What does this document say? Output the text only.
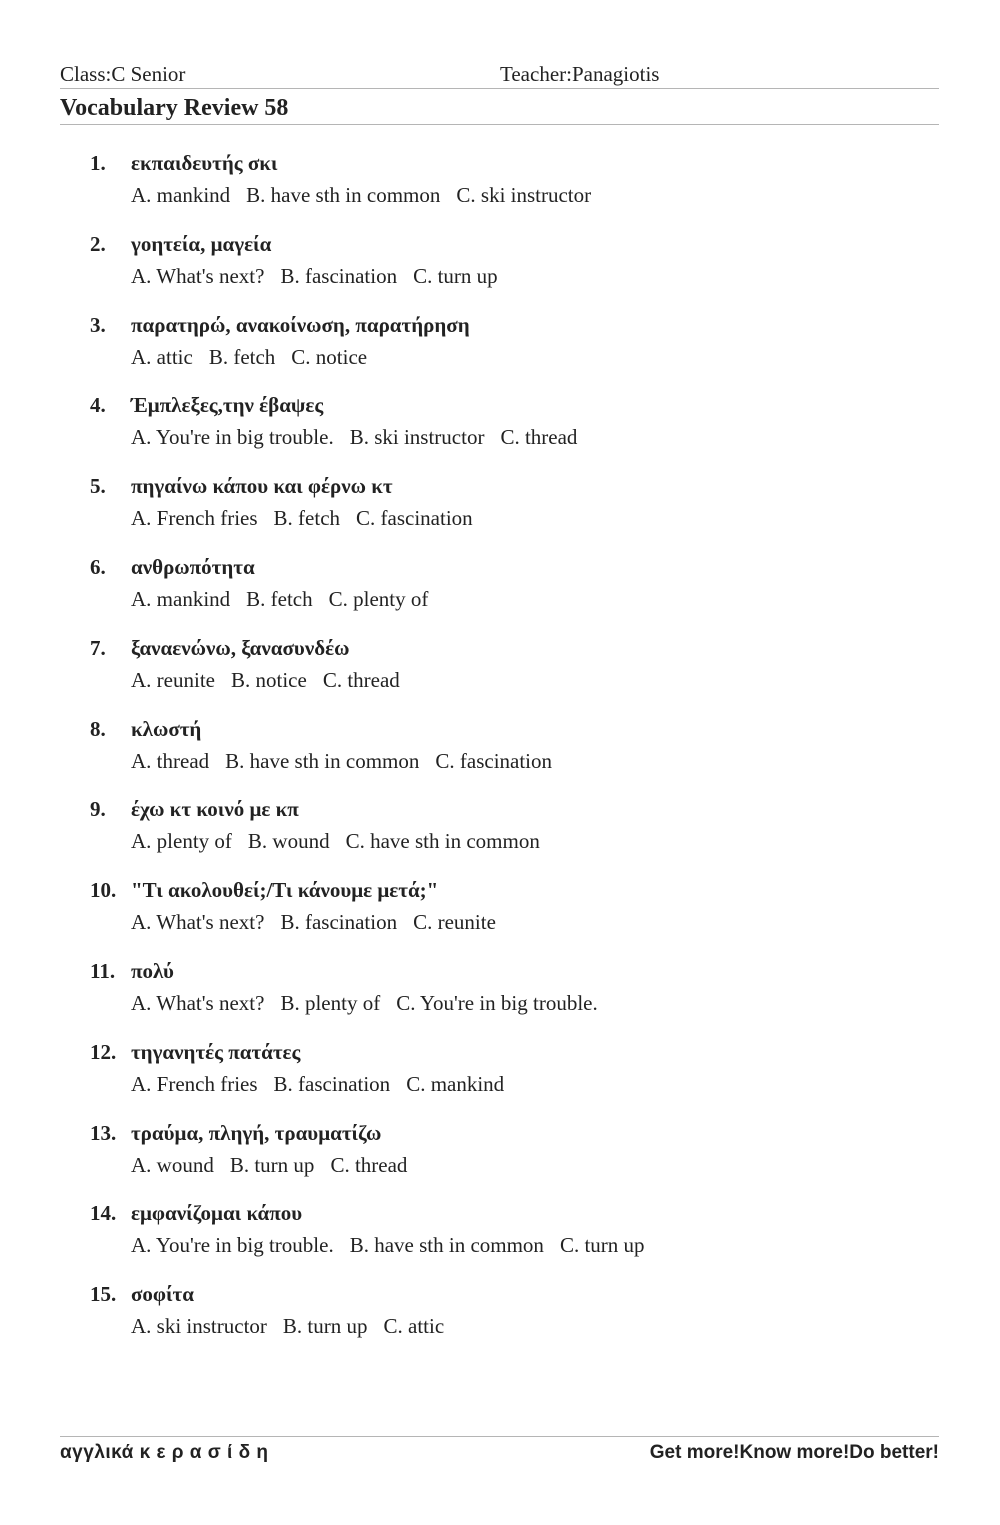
Class:C Senior	Teacher:Panagiotis
Vocabulary Review 58
1.	εκπαιδευτής σκι
A. mankind B. have sth in common C. ski instructor
2.	γοητεία, μαγεία
A. What's next? B. fascination C. turn up
3.	παρατηρώ, ανακοίνωση, παρατήρηση
A. attic B. fetch C. notice
4.	Έμπλεξες,την έβαψες
A. You're in big trouble. B. ski instructor C. thread
5.	πηγαίνω κάπου και φέρνω κτ
A. French fries B. fetch C. fascination
6.	ανθρωπότητα
A. mankind B. fetch C. plenty of
7.	ξαναενώνω, ξανασυνδέω
A. reunite B. notice C. thread
8.	κλωστή
A. thread B. have sth in common C. fascination
9.	έχω κτ κοινό με κπ
A. plenty of B. wound C. have sth in common
10. "Τι ακολουθεί;/Τι κάνουμε μετά;"
A. What's next? B. fascination C. reunite
11. πολύ
A. What's next? B. plenty of C. You're in big trouble.
12. τηγανητές πατάτες
A. French fries B. fascination C. mankind
13. τραύμα, πληγή, τραυματίζω
A. wound B. turn up C. thread
14. εμφανίζομαι κάπου
A. You're in big trouble. B. have sth in common C. turn up
15. σοφίτα
A. ski instructor B. turn up C. attic
αγγλικά κ ε ρ α σ ί δ η	Get more!Know more!Do better!
